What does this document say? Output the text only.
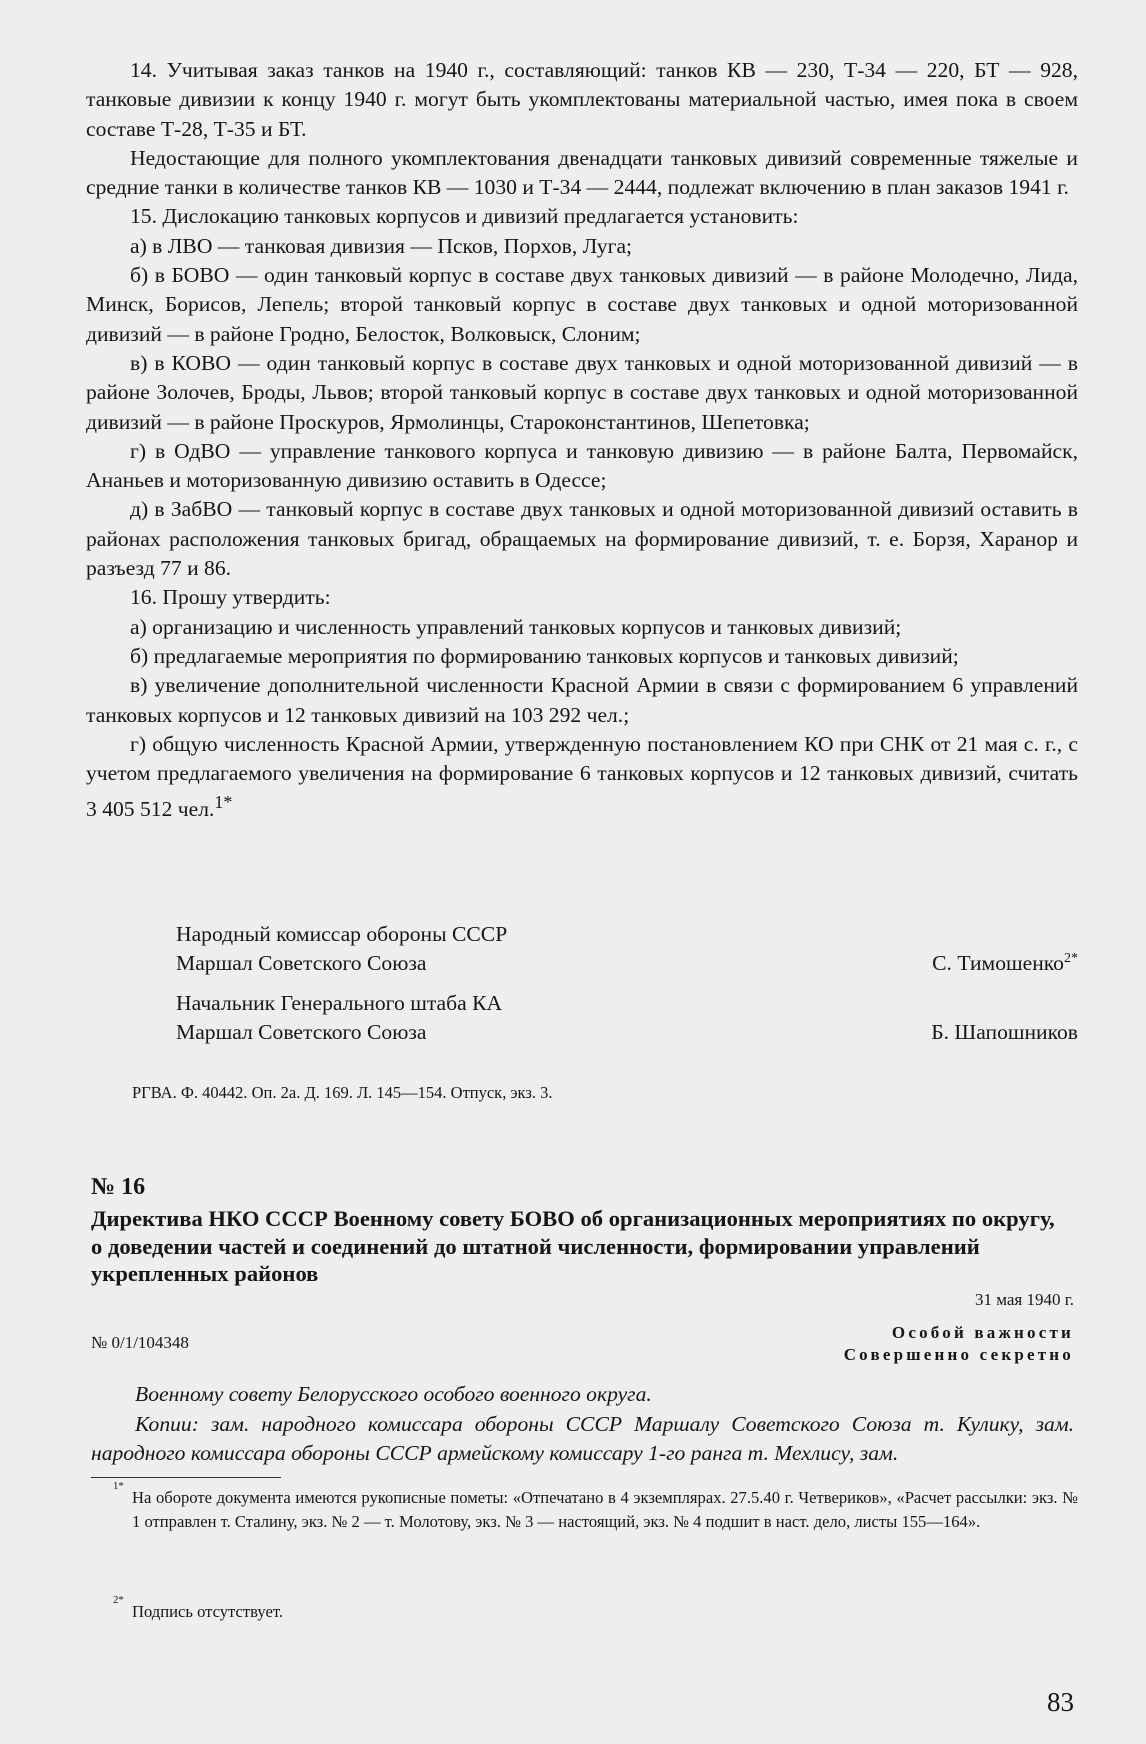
14. Учитывая заказ танков на 1940 г., составляющий: танков КВ — 230, Т-34 — 220, БТ — 928, танковые дивизии к концу 1940 г. могут быть укомплектованы материальной частью, имея пока в своем составе Т-28, Т-35 и БТ.

Недостающие для полного укомплектования двенадцати танковых дивизий современные тяжелые и средние танки в количестве танков КВ — 1030 и Т-34 — 2444, подлежат включению в план заказов 1941 г.

15. Дислокацию танковых корпусов и дивизий предлагается установить:

а) в ЛВО — танковая дивизия — Псков, Порхов, Луга;

б) в БОВО — один танковый корпус в составе двух танковых дивизий — в районе Молодечно, Лида, Минск, Борисов, Лепель; второй танковый корпус в составе двух танковых и одной моторизованной дивизий — в районе Гродно, Белосток, Волковыск, Слоним;

в) в КОВО — один танковый корпус в составе двух танковых и одной моторизованной дивизий — в районе Золочев, Броды, Львов; второй танковый корпус в составе двух танковых и одной моторизованной дивизий — в районе Проскуров, Ярмолинцы, Староконстантинов, Шепетовка;

г) в ОдВО — управление танкового корпуса и танковую дивизию — в районе Балта, Первомайск, Ананьев и моторизованную дивизию оставить в Одессе;

д) в ЗабВО — танковый корпус в составе двух танковых и одной моторизованной дивизий оставить в районах расположения танковых бригад, обращаемых на формирование дивизий, т. е. Борзя, Харанор и разъезд 77 и 86.

16. Прошу утвердить:

а) организацию и численность управлений танковых корпусов и танковых дивизий;

б) предлагаемые мероприятия по формированию танковых корпусов и танковых дивизий;

в) увеличение дополнительной численности Красной Армии в связи с формированием 6 управлений танковых корпусов и 12 танковых дивизий на 103 292 чел.;

г) общую численность Красной Армии, утвержденную постановлением КО при СНК от 21 мая с. г., с учетом предлагаемого увеличения на формирование 6 танковых корпусов и 12 танковых дивизий, считать 3 405 512 чел.$^{1*}$

Народный комиссар обороны СССР
Маршал Советского Союза	С. Тимошенко$^{2*}$
Начальник Генерального штаба КА
Маршал Советского Союза	Б. Шапошников
РГВА. Ф. 40442. Оп. 2а. Д. 169. Л. 145—154. Отпуск, экз. 3.
№ 16
Директива НКО СССР Военному совету БОВО об организационных мероприятиях по округу, о доведении частей и соединений до штатной численности, формировании управлений укрепленных районов
31 мая 1940 г.
№ 0/1/104348
Особой важности
Совершенно секретно

Военному совету Белорусского особого военного округа.

Копии: зам. народного комиссара обороны СССР Маршалу Советского Союза т. Кулику, зам. народного комиссара обороны СССР армейскому комиссару 1-го ранга т. Мехлису, зам.

1*
На обороте документа имеются рукописные пометы: «Отпечатано в 4 экземплярах. 27.5.40 г. Четвериков», «Расчет рассылки: экз. № 1 отправлен т. Сталину, экз. № 2 — т. Молотову, экз. № 3 — настоящий, экз. № 4 подшит в наст. дело, листы 155—164».
2*
Подпись отсутствует.
83
